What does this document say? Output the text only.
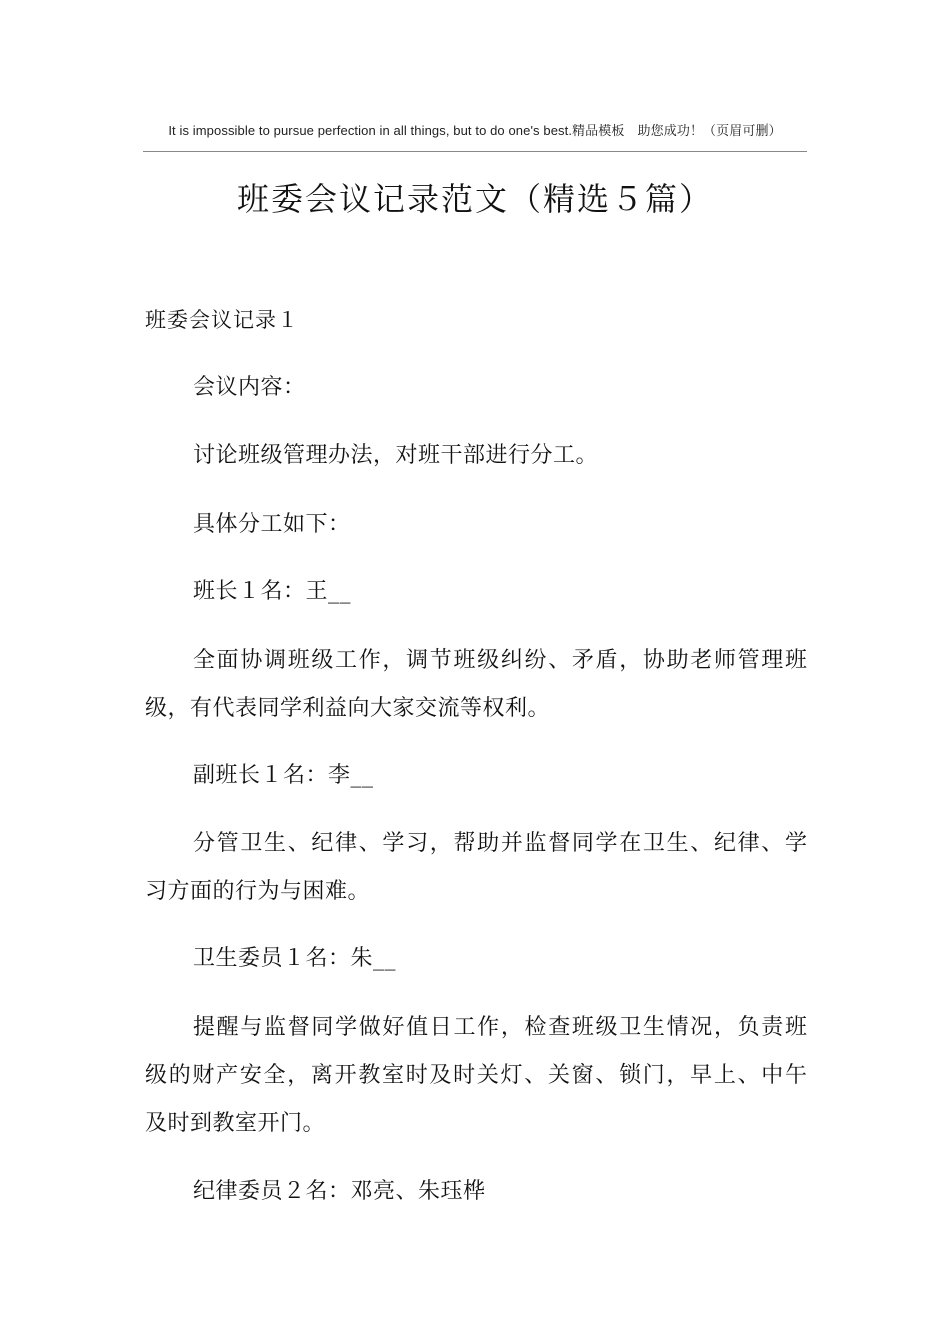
It is impossible to pursue perfection in all things, but to do one's best.精品模板　助您成功！（页眉可删）
班委会议记录范文（精选５篇）
班委会议记录１
会议内容：
讨论班级管理办法，对班干部进行分工。
具体分工如下：
班长１名：王__
全面协调班级工作，调节班级纠纷、矛盾，协助老师管理班
级，有代表同学利益向大家交流等权利。
副班长１名：李__
分管卫生、纪律、学习，帮助并监督同学在卫生、纪律、学
习方面的行为与困难。
卫生委员１名：朱__
提醒与监督同学做好值日工作，检查班级卫生情况，负责班
级的财产安全，离开教室时及时关灯、关窗、锁门，早上、中午
及时到教室开门。
纪律委员２名：邓亮、朱珏桦
